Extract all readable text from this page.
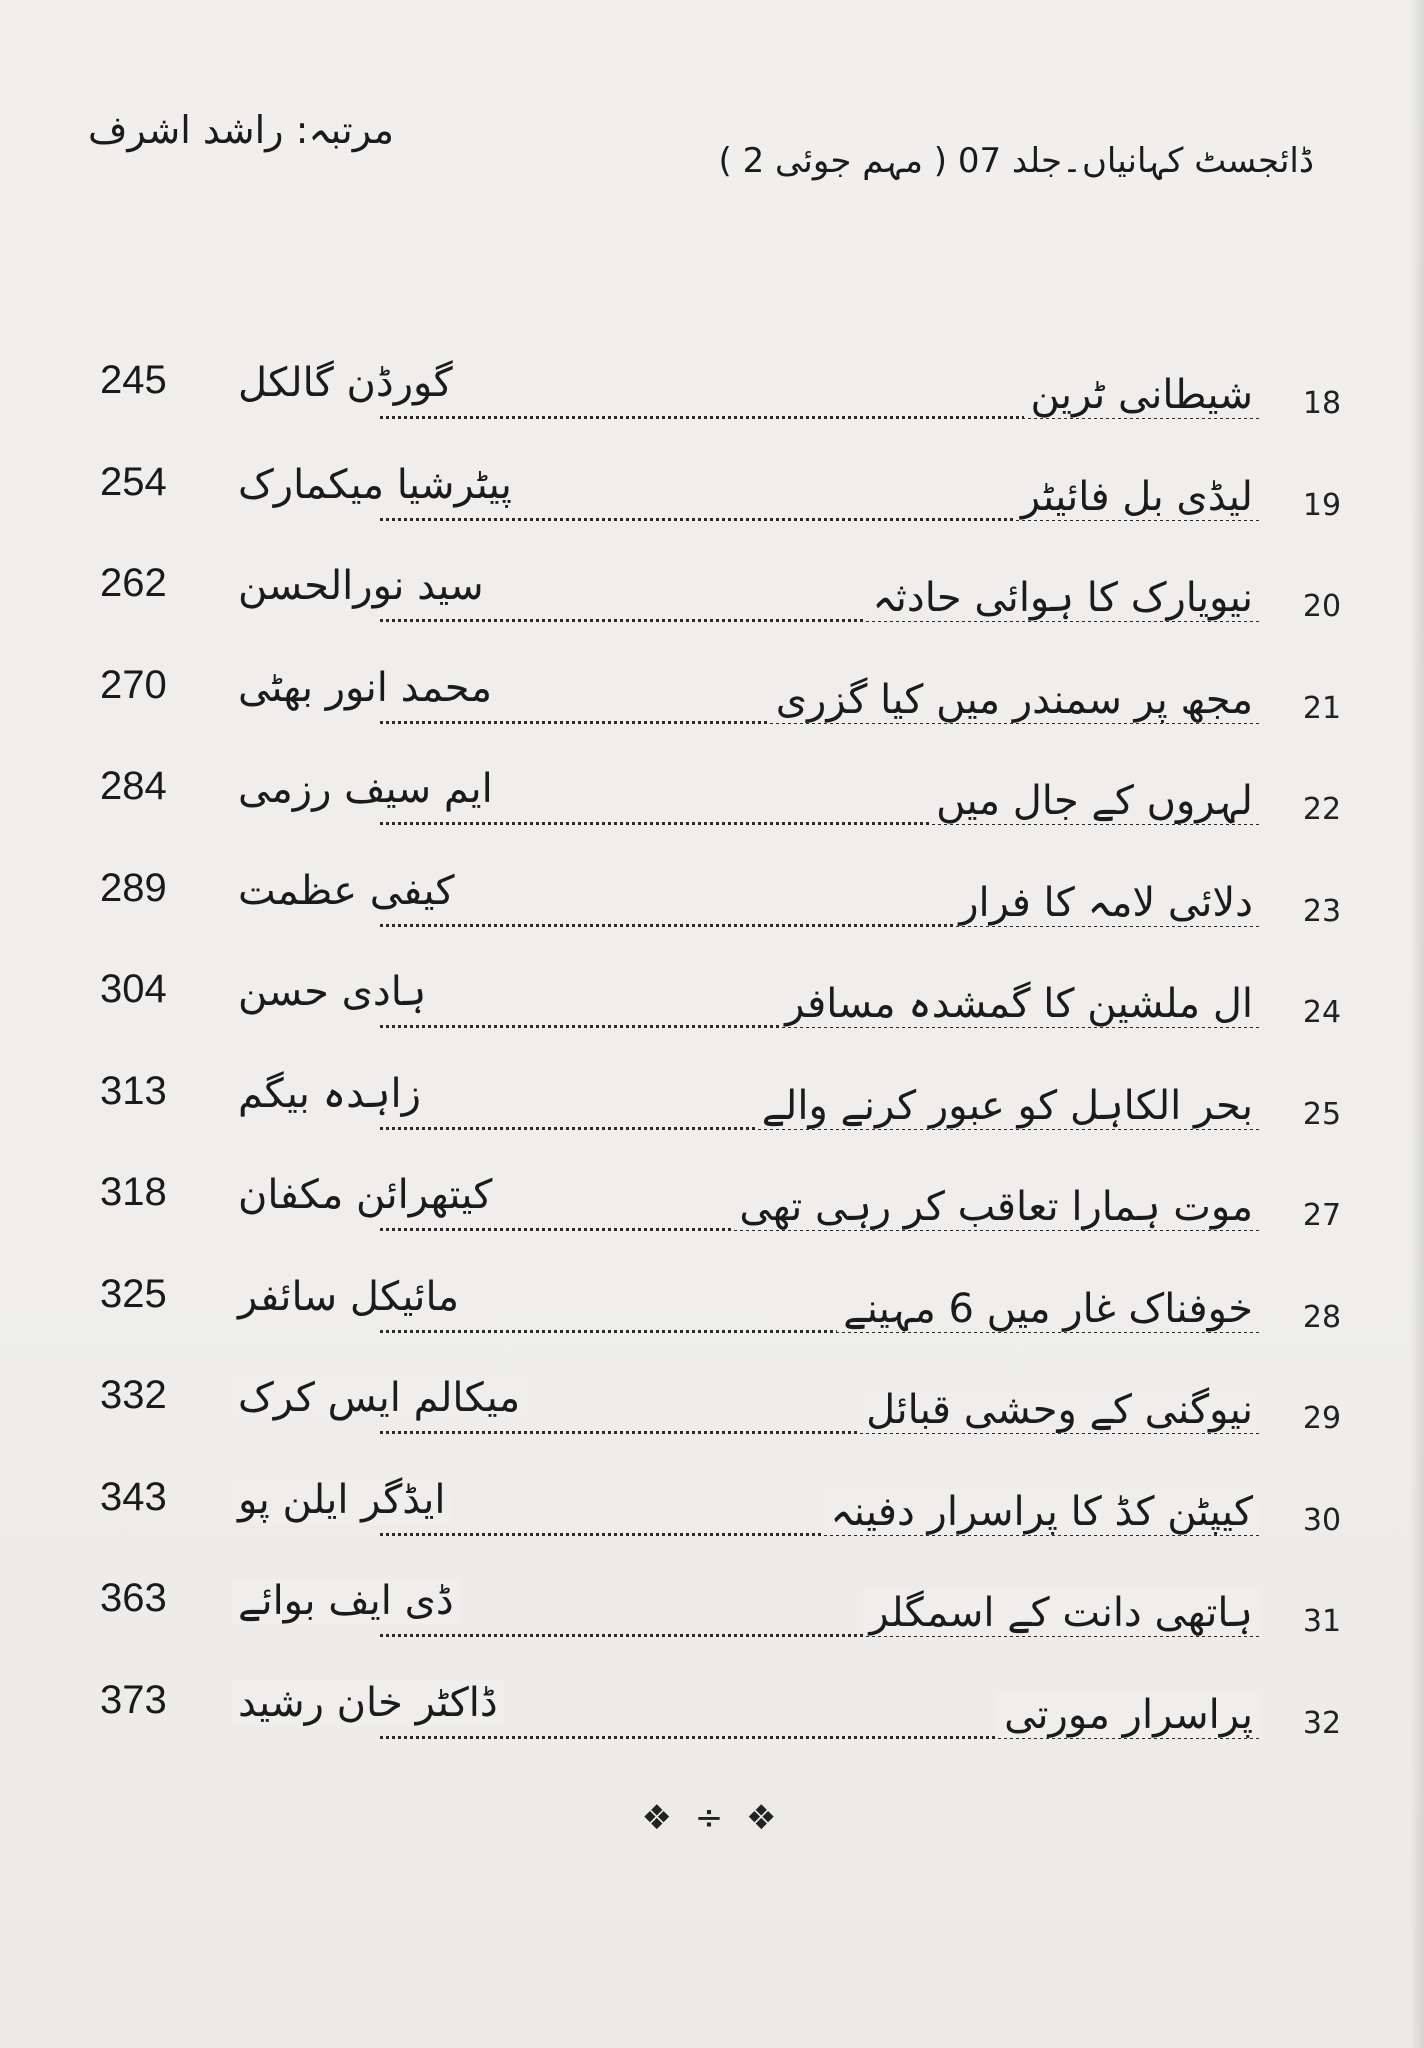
ڈائجسٹ کہانیاں۔جلد 07 ( مہم جوئی 2 )
مرتبہ: راشد اشرف
18
شیطانی ٹرین
گورڈن گالکل
245
19
لیڈی بل فائیٹر
پیٹرشیا میکمارک
254
20
نیویارک کا ہوائی حادثہ
سید نورالحسن
262
21
مجھ پر سمندر میں کیا گزری
محمد انور بھٹی
270
22
لہروں کے جال میں
ایم سیف رزمی
284
23
دلائی لامہ کا فرار
کیفی عظمت
289
24
ال ملشین کا گمشدہ مسافر
ہادی حسن
304
25
بحر الکاہل کو عبور کرنے والے
زاہدہ بیگم
313
27
موت ہمارا تعاقب کر رہی تھی
کیتھرائن مکفان
318
28
خوفناک غار میں 6 مہینے
مائیکل سائفر
325
29
نیوگنی کے وحشی قبائل
میکالم ایس کرک
332
30
کیپٹن کڈ کا پراسرار دفینہ
ایڈگر ایلن پو
343
31
ہاتھی دانت کے اسمگلر
ڈی ایف بوائے
363
32
پراسرار مورتی
ڈاکٹر خان رشید
373
❖ ÷ ❖
